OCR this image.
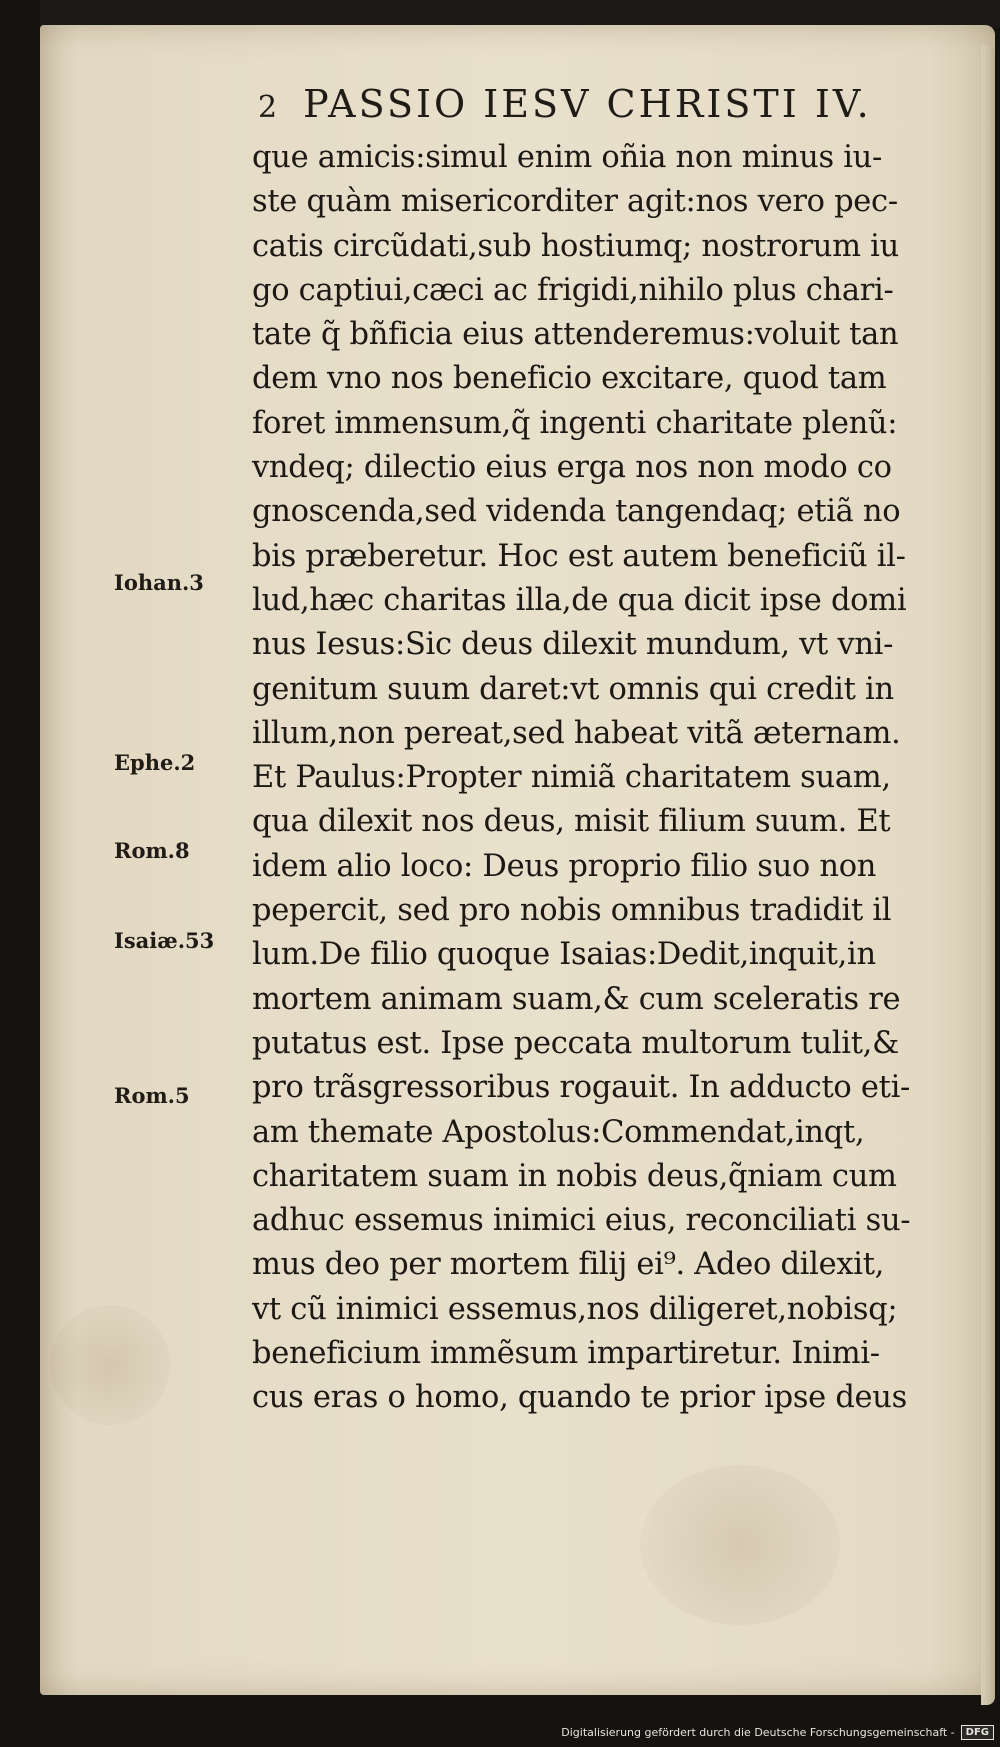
2 PASSIO IESV CHRISTI IV.
Iohan.3
Ephe.2
Rom.8
Isaiæ.53
Rom.5
que amicis:simul enim oñia non minus iu-
ste quàm misericorditer agit:nos vero pec-
catis circũdati,sub hostiumq; nostrorum iu
go captiui,cæci ac frigidi,nihilo plus chari-
tate q̃ bñficia eius attenderemus:voluit tan
dem vno nos beneficio excitare, quod tam
foret immensum,q̃ ingenti charitate plenũ:
vndeq; dilectio eius erga nos non modo co
gnoscenda,sed videnda tangendaq; etiã no
bis præberetur. Hoc est autem beneficiũ il-
lud,hæc charitas illa,de qua dicit ipse domi
nus Iesus:Sic deus dilexit mundum, vt vni-
genitum suum daret:vt omnis qui credit in
illum,non pereat,sed habeat vitã æternam.
Et Paulus:Propter nimiã charitatem suam,
qua dilexit nos deus, misit filium suum. Et
idem alio loco: Deus proprio filio suo non
pepercit, sed pro nobis omnibus tradidit il
lum.De filio quoque Isaias:Dedit,inquit,in
mortem animam suam,& cum sceleratis re
putatus est. Ipse peccata multorum tulit,&
pro trãsgressoribus rogauit. In adducto eti-
am themate Apostolus:Commendat,inqt,
charitatem suam in nobis deus,q̃niam cum
adhuc essemus inimici eius, reconciliati su-
mus deo per mortem filij ei⁹. Adeo dilexit,
vt cũ inimici essemus,nos diligeret,nobisq;
beneficium immẽsum impartiretur. Inimi-
cus eras o homo, quando te prior ipse deus
Digitalisierung gefördert durch die Deutsche Forschungsgemeinschaft -	DFG
